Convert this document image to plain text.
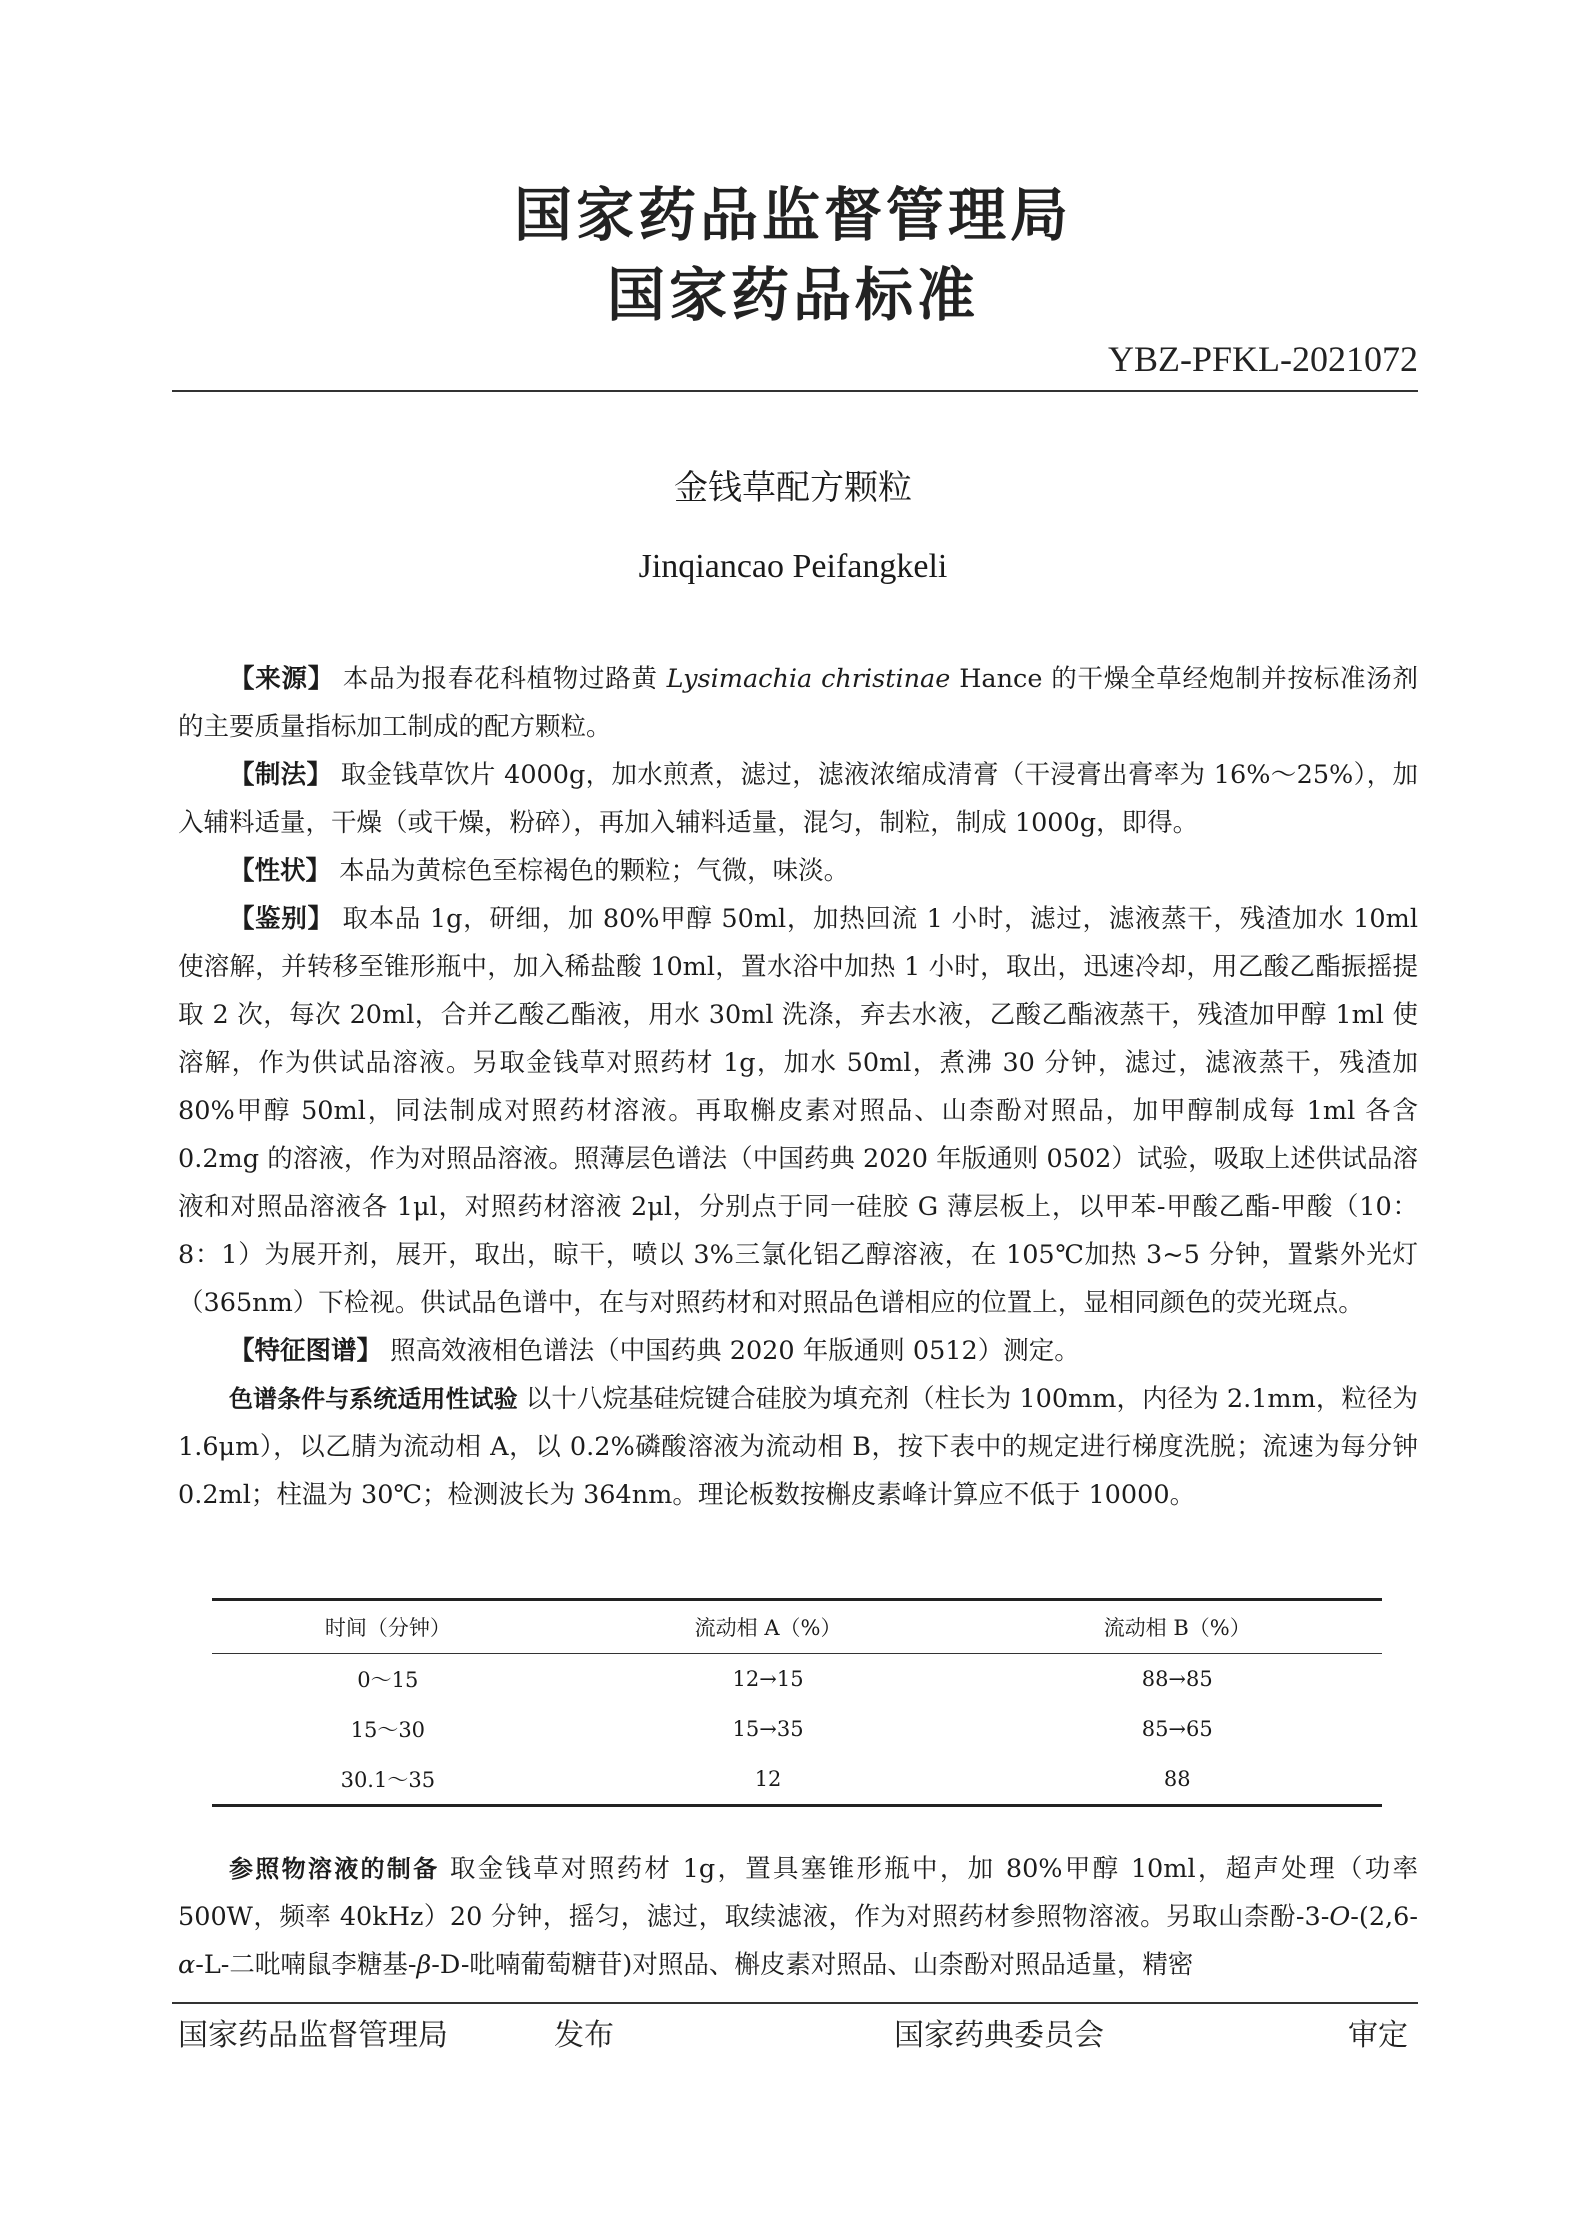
国家药品监督管理局
国家药品标准
YBZ-PFKL-2021072
金钱草配方颗粒
Jinqiancao Peifangkeli

【来源】 本品为报春花科植物过路黄 Lysimachia christinae Hance 的干燥全草经炮制并按标准汤剂的主要质量指标加工制成的配方颗粒。

【制法】 取金钱草饮片 4000g，加水煎煮，滤过，滤液浓缩成清膏（干浸膏出膏率为 16%～25%），加入辅料适量，干燥（或干燥，粉碎），再加入辅料适量，混匀，制粒，制成 1000g，即得。

【性状】 本品为黄棕色至棕褐色的颗粒；气微，味淡。

【鉴别】 取本品 1g，研细，加 80%甲醇 50ml，加热回流 1 小时，滤过，滤液蒸干，残渣加水 10ml 使溶解，并转移至锥形瓶中，加入稀盐酸 10ml，置水浴中加热 1 小时，取出，迅速冷却，用乙酸乙酯振摇提取 2 次，每次 20ml，合并乙酸乙酯液，用水 30ml 洗涤，弃去水液，乙酸乙酯液蒸干，残渣加甲醇 1ml 使溶解，作为供试品溶液。另取金钱草对照药材 1g，加水 50ml，煮沸 30 分钟，滤过，滤液蒸干，残渣加 80%甲醇 50ml，同法制成对照药材溶液。再取槲皮素对照品、山柰酚对照品，加甲醇制成每 1ml 各含 0.2mg 的溶液，作为对照品溶液。照薄层色谱法（中国药典 2020 年版通则 0502）试验，吸取上述供试品溶液和对照品溶液各 1μl，对照药材溶液 2μl，分别点于同一硅胶 G 薄层板上，以甲苯-甲酸乙酯-甲酸（10：8：1）为展开剂，展开，取出，晾干，喷以 3%三氯化铝乙醇溶液，在 105℃加热 3~5 分钟，置紫外光灯（365nm）下检视。供试品色谱中，在与对照药材和对照品色谱相应的位置上，显相同颜色的荧光斑点。

【特征图谱】 照高效液相色谱法（中国药典 2020 年版通则 0512）测定。

色谱条件与系统适用性试验 以十八烷基硅烷键合硅胶为填充剂（柱长为 100mm，内径为 2.1mm，粒径为 1.6μm），以乙腈为流动相 A，以 0.2%磷酸溶液为流动相 B，按下表中的规定进行梯度洗脱；流速为每分钟 0.2ml；柱温为 30℃；检测波长为 364nm。理论板数按槲皮素峰计算应不低于 10000。

时间（分钟）	流动相 A（%）	流动相 B（%）
0～15	12→15	88→85
15～30	15→35	85→65
30.1～35	12	88

参照物溶液的制备 取金钱草对照药材 1g，置具塞锥形瓶中，加 80%甲醇 10ml，超声处理（功率 500W，频率 40kHz）20 分钟，摇匀，滤过，取续滤液，作为对照药材参照物溶液。另取山柰酚-3-O-(2,6-α-L-二吡喃鼠李糖基-β-D-吡喃葡萄糖苷)对照品、槲皮素对照品、山柰酚对照品适量，精密

国家药品监督管理局	发布	国家药典委员会	审定
